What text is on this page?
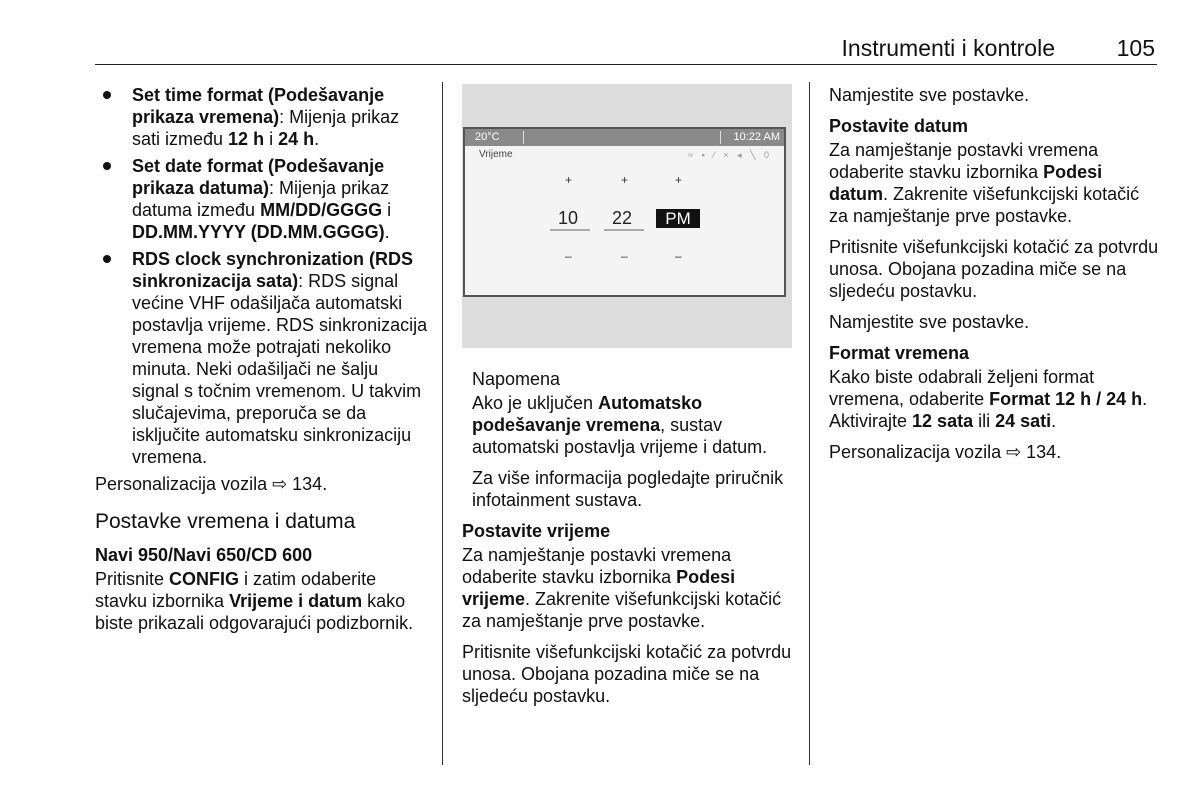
Instrumenti i kontrole	105
Set time format (Podešavanje prikaza vremena): Mijenja prikaz sati između 12 h i 24 h.
Set date format (Podešavanje prikaza datuma): Mijenja prikaz datuma između MM/DD/GGGG i DD.MM.YYYY (DD.MM.GGGG).
RDS clock synchronization (RDS sinkronizacija sata): RDS signal većine VHF odašiljača automatski postavlja vrijeme. RDS sinkronizacija vremena može potrajati nekoliko minuta. Neki odašiljači ne šalju signal s točnim vremenom. U takvim slučajevima, preporuča se da isključite automatsku sinkronizaciju vremena.

Personalizacija vozila ⇨ 134.

Postavke vremena i datuma
Navi 950/Navi 650/CD 600

Pritisnite CONFIG i zatim odaberite stavku izbornika Vrijeme i datum kako biste prikazali odgovarajući podizbornik.

20°C	10:22 AM
Vrijeme	≈ ▪ ⁄ × ◂ ╲ 0
+	+	+
10 22	PM
–	–	–
Napomena

Ako je uključen Automatsko podešavanje vremena, sustav automatski postavlja vrijeme i datum.

Za više informacija pogledajte priručnik infotainment sustava.

Postavite vrijeme

Za namještanje postavki vremena odaberite stavku izbornika Podesi vrijeme. Zakrenite višefunkcijski kotačić za namještanje prve postavke.

Pritisnite višefunkcijski kotačić za potvrdu unosa. Obojana pozadina miče se na sljedeću postavku.

Namjestite sve postavke.

Postavite datum

Za namještanje postavki vremena odaberite stavku izbornika Podesi datum. Zakrenite višefunkcijski kotačić za namještanje prve postavke.

Pritisnite višefunkcijski kotačić za potvrdu unosa. Obojana pozadina miče se na sljedeću postavku.

Namjestite sve postavke.

Format vremena

Kako biste odabrali željeni format vremena, odaberite Format 12 h / 24 h. Aktivirajte 12 sata ili 24 sati.

Personalizacija vozila ⇨ 134.
